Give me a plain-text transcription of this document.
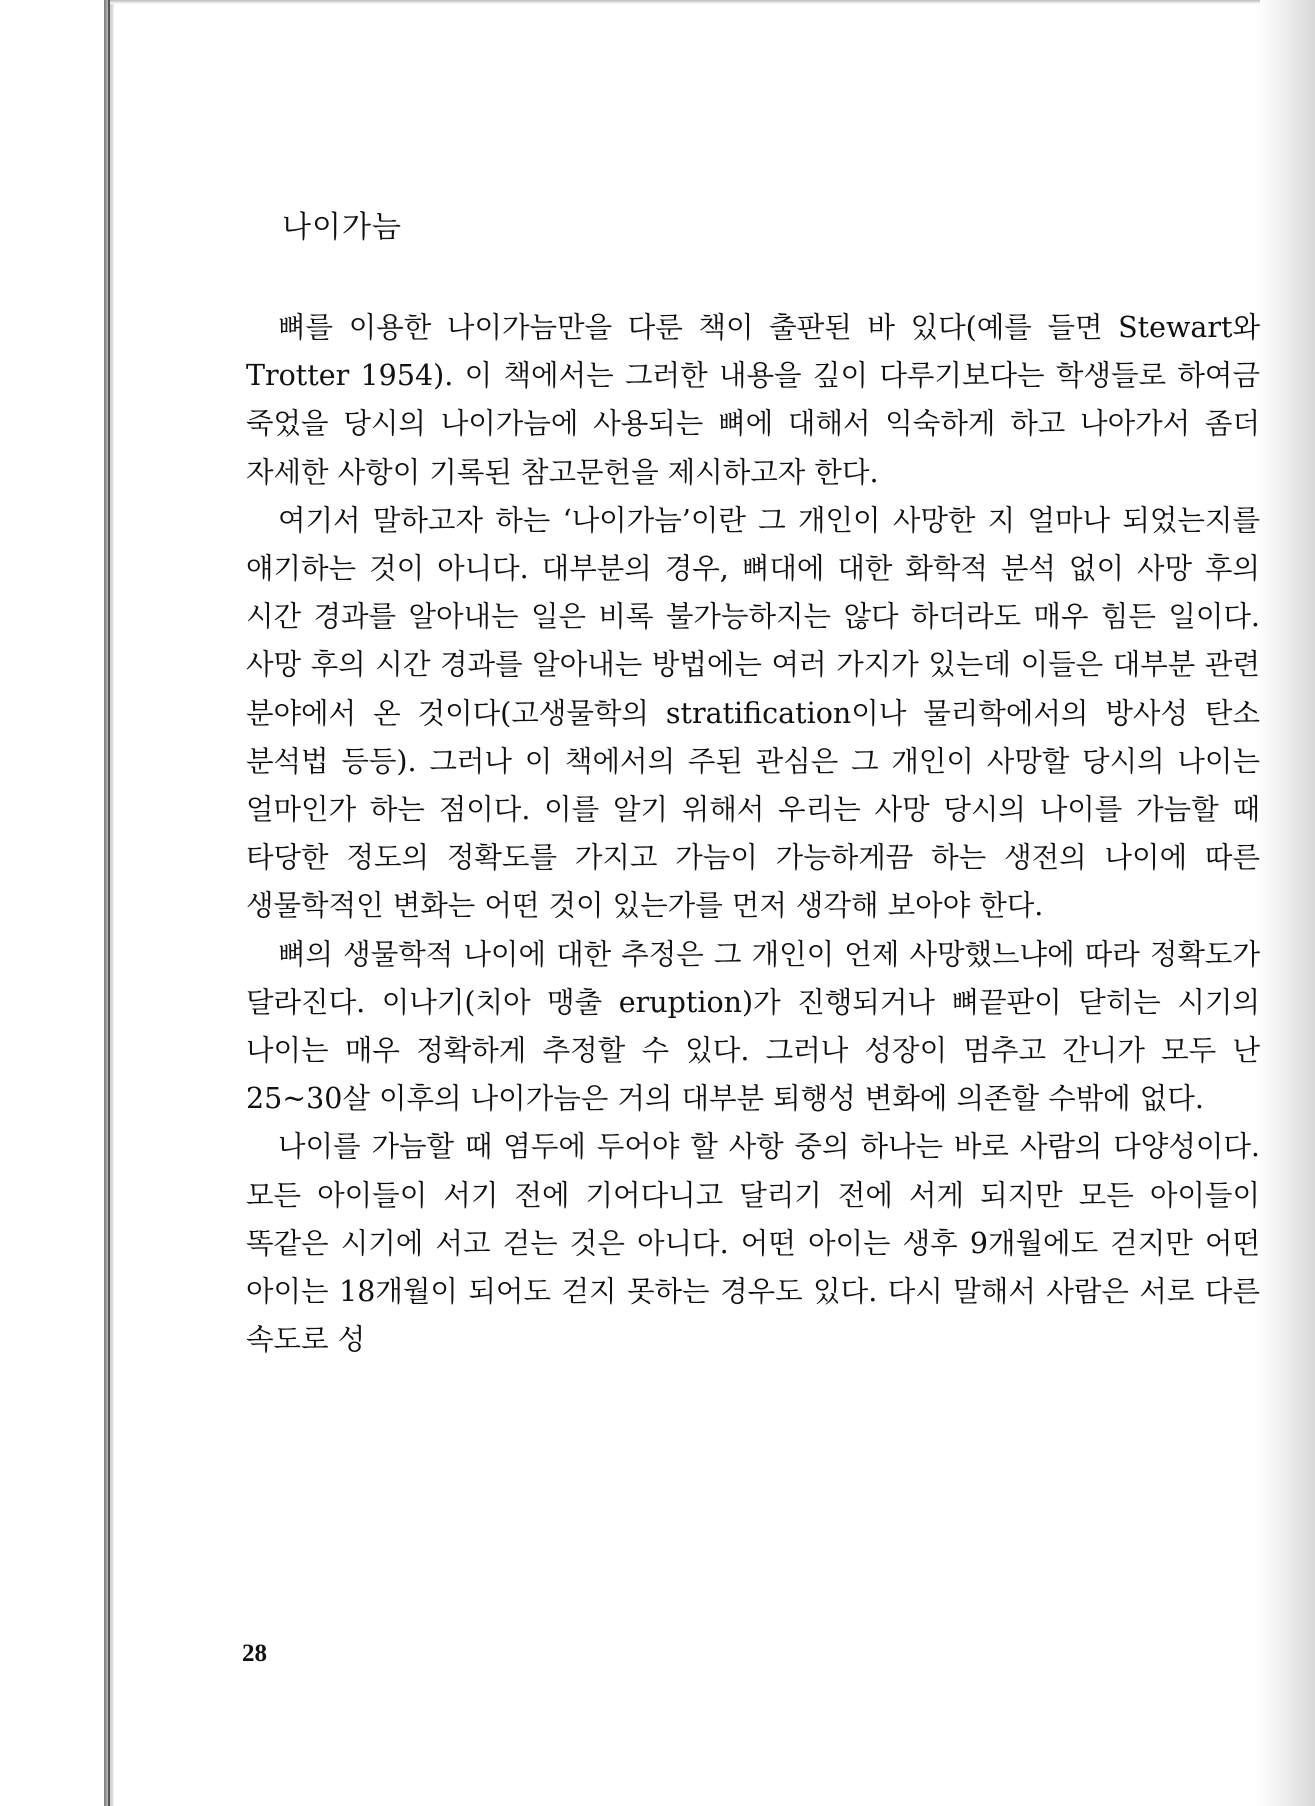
나이가늠

뼈를 이용한 나이가늠만을 다룬 책이 출판된 바 있다(예를 들면 Stewart와 Trotter 1954). 이 책에서는 그러한 내용을 깊이 다루기보다는 학생들로 하여금 죽었을 당시의 나이가늠에 사용되는 뼈에 대해서 익숙하게 하고 나아가서 좀더 자세한 사항이 기록된 참고문헌을 제시하고자 한다.

여기서 말하고자 하는 ‘나이가늠’이란 그 개인이 사망한 지 얼마나 되었는지를 얘기하는 것이 아니다. 대부분의 경우, 뼈대에 대한 화학적 분석 없이 사망 후의 시간 경과를 알아내는 일은 비록 불가능하지는 않다 하더라도 매우 힘든 일이다. 사망 후의 시간 경과를 알아내는 방법에는 여러 가지가 있는데 이들은 대부분 관련 분야에서 온 것이다(고생물학의 stratification이나 물리학에서의 방사성 탄소 분석법 등등). 그러나 이 책에서의 주된 관심은 그 개인이 사망할 당시의 나이는 얼마인가 하는 점이다. 이를 알기 위해서 우리는 사망 당시의 나이를 가늠할 때 타당한 정도의 정확도를 가지고 가늠이 가능하게끔 하는 생전의 나이에 따른 생물학적인 변화는 어떤 것이 있는가를 먼저 생각해 보아야 한다.

뼈의 생물학적 나이에 대한 추정은 그 개인이 언제 사망했느냐에 따라 정확도가 달라진다. 이나기(치아 맹출 eruption)가 진행되거나 뼈끝판이 닫히는 시기의 나이는 매우 정확하게 추정할 수 있다. 그러나 성장이 멈추고 간니가 모두 난 25~30살 이후의 나이가늠은 거의 대부분 퇴행성 변화에 의존할 수밖에 없다.

나이를 가늠할 때 염두에 두어야 할 사항 중의 하나는 바로 사람의 다양성이다. 모든 아이들이 서기 전에 기어다니고 달리기 전에 서게 되지만 모든 아이들이 똑같은 시기에 서고 걷는 것은 아니다. 어떤 아이는 생후 9개월에도 걷지만 어떤 아이는 18개월이 되어도 걷지 못하는 경우도 있다. 다시 말해서 사람은 서로 다른 속도로 성

28
